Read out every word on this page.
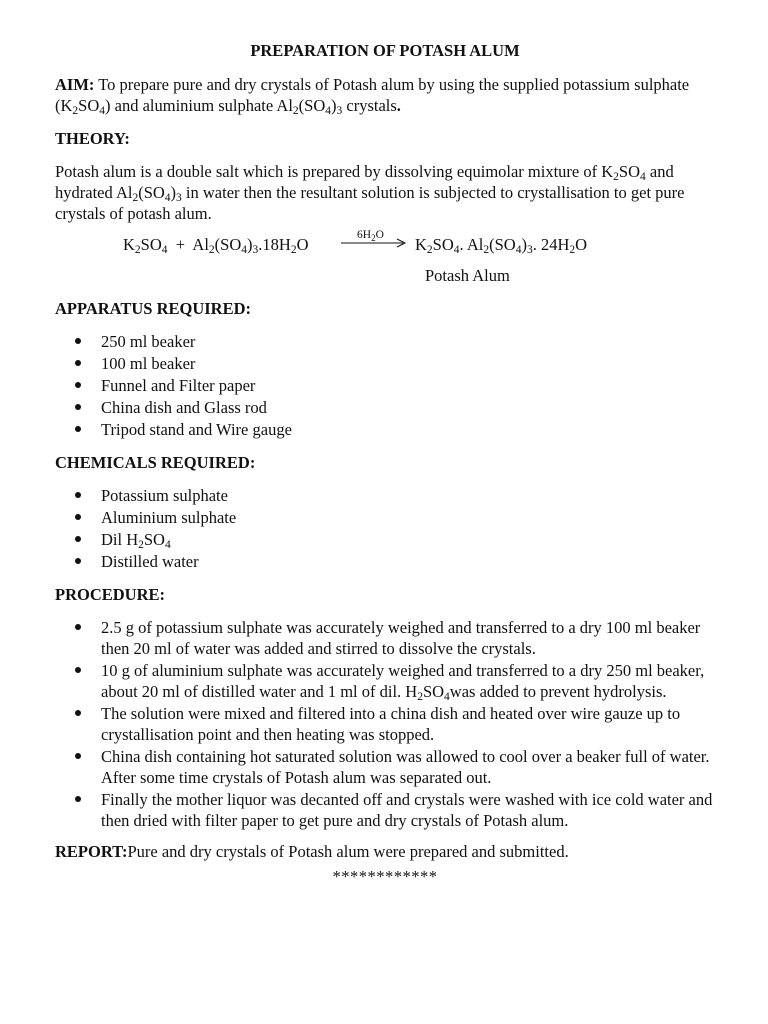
PREPARATION OF POTASH ALUM

AIM: To prepare pure and dry crystals of Potash alum by using the supplied potassium sulphate $(K_2SO_4)$ and aluminium sulphate $Al_2(SO_4)_3$ crystals.

THEORY:

Potash alum is a double salt which is prepared by dissolving equimolar mixture of $K_2SO_4$ and hydrated $Al_2(SO_4)_3$ in water then the resultant solution is subjected to crystallisation to get pure crystals of potash alum.

$K_2SO_4 + Al_2(SO_4)_3.18H_2O$	$6H_2O$ $K_2SO_4$. $Al_2(SO_4)_3$. $24H_2O$
Potash Alum
APPARATUS REQUIRED:
250 ml beaker
100 ml beaker
Funnel and Filter paper
China dish and Glass rod
Tripod stand and Wire gauge
CHEMICALS REQUIRED:
Potassium sulphate
Aluminium sulphate
Dil $H_2SO_4$
Distilled water
PROCEDURE:
2.5 g of potassium sulphate was accurately weighed and transferred to a dry 100 ml beaker then 20 ml of water was added and stirred to dissolve the crystals.
10 g of aluminium sulphate was accurately weighed and transferred to a dry 250 ml beaker, about 20 ml of distilled water and 1 ml of dil. $H_2SO_4was$ added to prevent hydrolysis.
The solution were mixed and filtered into a china dish and heated over wire gauze up to crystallisation point and then heating was stopped.
China dish containing hot saturated solution was allowed to cool over a beaker full of water. After some time crystals of Potash alum was separated out.
Finally the mother liquor was decanted off and crystals were washed with ice cold water and then dried with filter paper to get pure and dry crystals of Potash alum.

REPORT:Pure and dry crystals of Potash alum were prepared and submitted.

************
